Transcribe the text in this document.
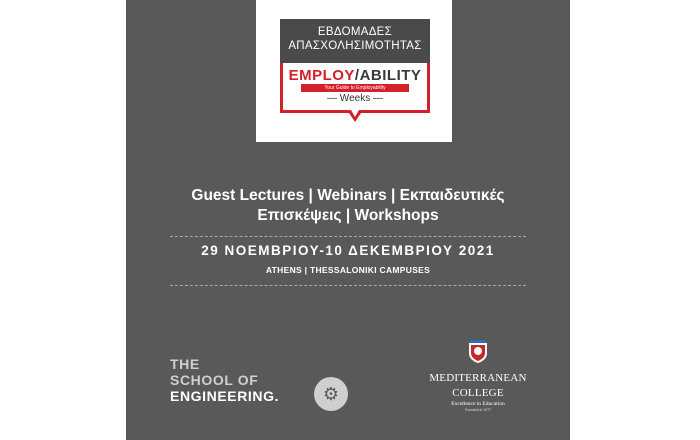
ΕΒΔΟΜΑΔΕΣ
ΑΠΑΣΧΟΛΗΣΙΜΟΤΗΤΑΣ
EMPLOY/ABILITY
Your Guide to Employability
— Weeks —
Guest Lectures | Webinars | Εκπαιδευτικές
Επισκέψεις | Workshops
29 ΝΟΕΜΒΡΙΟΥ-10 ΔΕΚΕΜΒΡΙΟΥ 2021
ATHENS | THESSALONIKI CAMPUSES
THE
SCHOOL OF
ENGINEERING.	⚙
MEDITERRANEAN
COLLEGE
Excellence in Education
Founded in 1977
